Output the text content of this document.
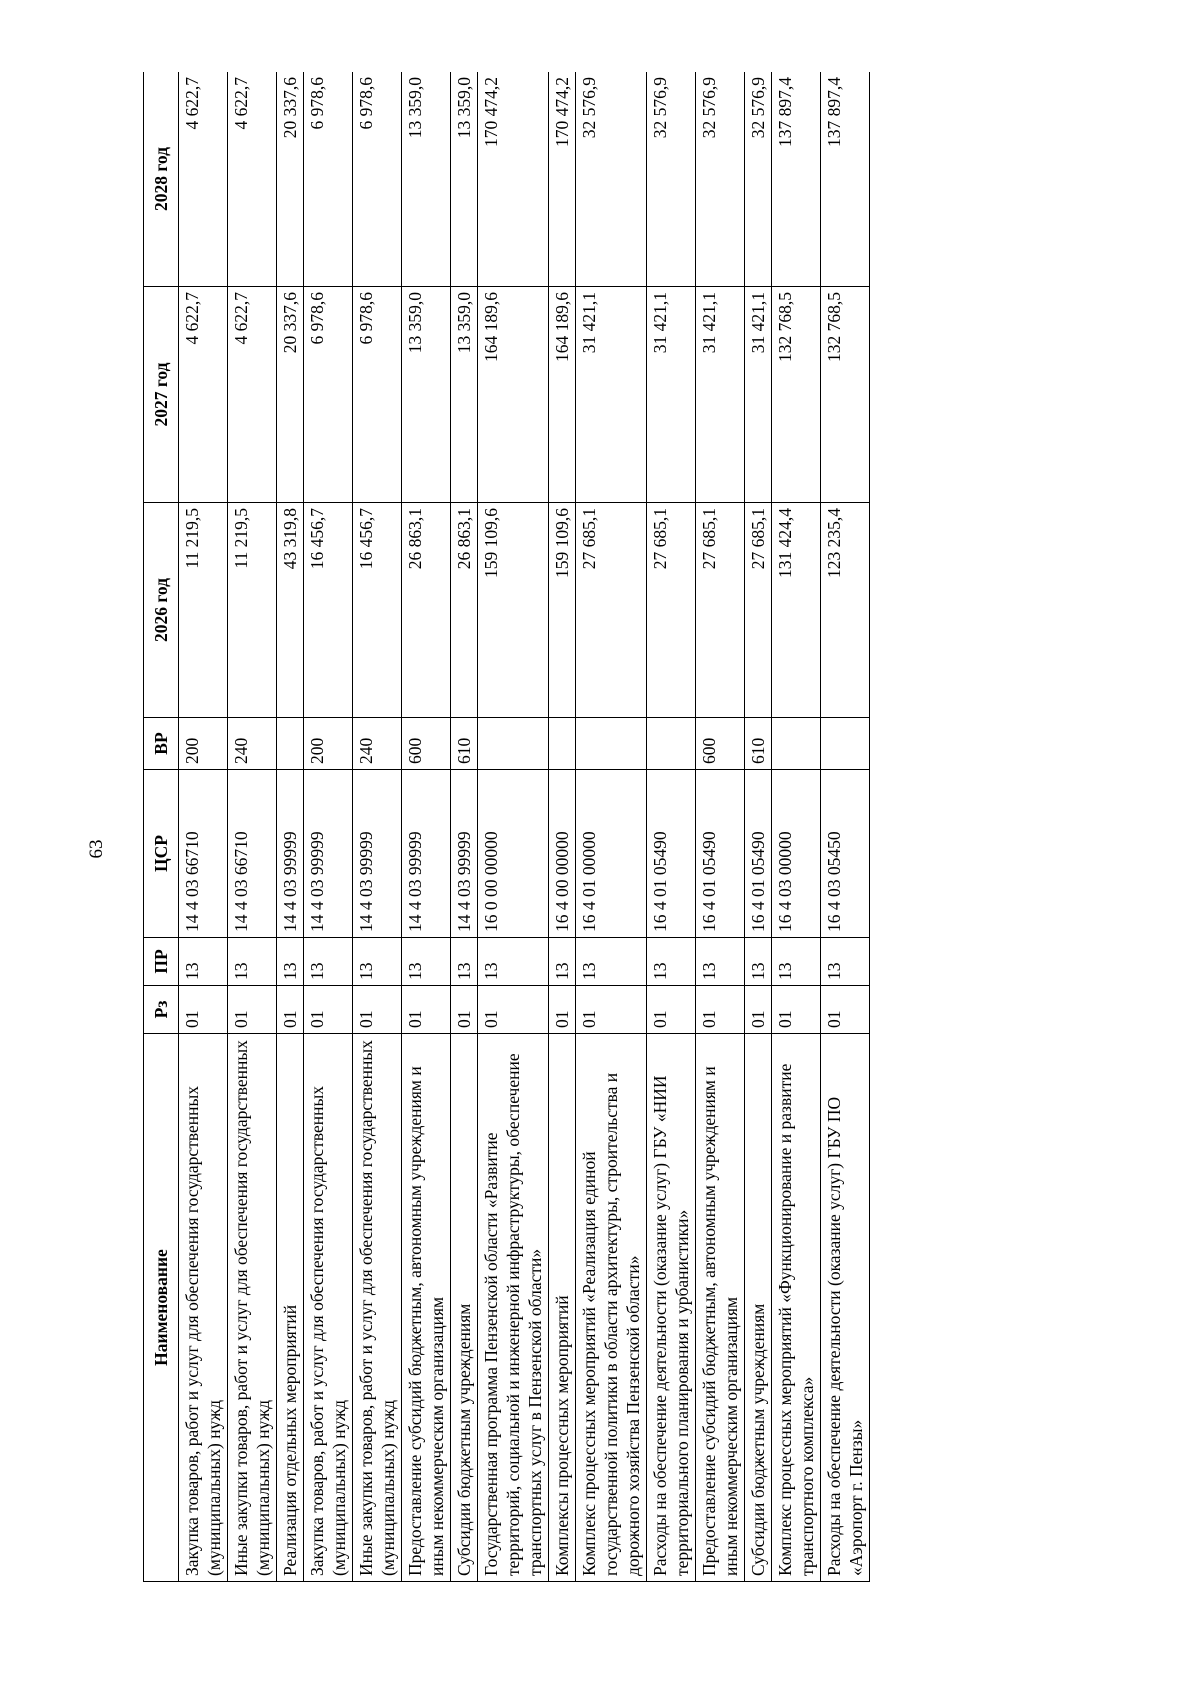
63
Наименование	Рз	ПР	ЦСР	ВР	2026 год	2027 год	2028 год
Закупка товаров, работ и услуг для обеспечения государственных (муниципальных) нужд	01	13	14 4 03 66710	200	11 219,5	4 622,7	4 622,7
Иные закупки товаров, работ и услуг для обеспечения государственных (муниципальных) нужд	01	13	14 4 03 66710	240	11 219,5	4 622,7	4 622,7
Реализация отдельных мероприятий	01	13	14 4 03 99999		43 319,8	20 337,6	20 337,6
Закупка товаров, работ и услуг для обеспечения государственных (муниципальных) нужд	01	13	14 4 03 99999	200	16 456,7	6 978,6	6 978,6
Иные закупки товаров, работ и услуг для обеспечения государственных (муниципальных) нужд	01	13	14 4 03 99999	240	16 456,7	6 978,6	6 978,6
Предоставление субсидий бюджетным, автономным учреждениям и иным некоммерческим организациям	01	13	14 4 03 99999	600	26 863,1	13 359,0	13 359,0
Субсидии бюджетным учреждениям	01	13	14 4 03 99999	610	26 863,1	13 359,0	13 359,0
Государственная программа Пензенской области «Развитие территорий, социальной и инженерной инфраструктуры, обеспечение транспортных услуг в Пензенской области»	01	13	16 0 00 00000		159 109,6	164 189,6	170 474,2
Комплексы процессных мероприятий	01	13	16 4 00 00000		159 109,6	164 189,6	170 474,2
Комплекс процессных мероприятий «Реализация единой государственной политики в области архитектуры, строительства и дорожного хозяйства Пензенской области»	01	13	16 4 01 00000		27 685,1	31 421,1	32 576,9
Расходы на обеспечение деятельности (оказание услуг) ГБУ «НИИ территориального планирования и урбанистики»	01	13	16 4 01 05490		27 685,1	31 421,1	32 576,9
Предоставление субсидий бюджетным, автономным учреждениям и иным некоммерческим организациям	01	13	16 4 01 05490	600	27 685,1	31 421,1	32 576,9
Субсидии бюджетным учреждениям	01	13	16 4 01 05490	610	27 685,1	31 421,1	32 576,9
Комплекс процессных мероприятий «Функционирование и развитие транспортного комплекса»	01	13	16 4 03 00000		131 424,4	132 768,5	137 897,4
Расходы на обеспечение деятельности (оказание услуг) ГБУ ПО «Аэропорт г. Пензы»	01	13	16 4 03 05450		123 235,4	132 768,5	137 897,4
